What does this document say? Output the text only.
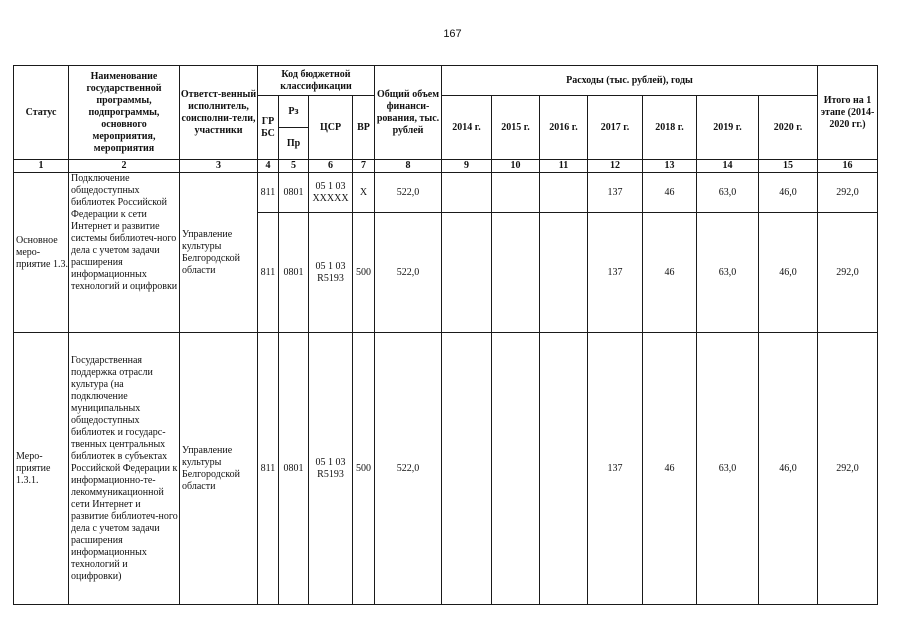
167
Статус	Наименование государственной программы, подпрограммы, основного мероприятия, мероприятия	Ответст-венный исполнитель, соисполни-тели, участники	Код бюджетной классификации				Общий объем финанси-рования, тыс. рублей	Расходы (тыс. рублей), годы							Итого на 1 этапе (2014-2020 гг.)
			ГР БС	Рз	ЦСР	ВР		2014 г.	2015 г.	2016 г.	2017 г.	2018 г.	2019 г.	2020 г.	
				Пр											
1	2	3	4	5	6	7	8	9	10	11	12	13	14	15	16
Основное меро-приятие 1.3.	Подключение общедоступных библиотек Российской Федерации к сети Интернет и развитие системы библиотеч-ного дела с учетом задачи расширения информационных технологий и оцифровки	Управление культуры Белгородской области	811	0801	05 1 03 XXXXX	X	522,0				137	46	63,0	46,0	292,0
			811	0801	05 1 03 R5193	500	522,0				137	46	63,0	46,0	292,0
Меро-приятие 1.3.1.	Государственная поддержка отрасли культура (на подключение муниципальных общедоступных библиотек и государс-твенных центральных библиотек в субъектах Российской Федерации к информационно-те-лекоммуникационной сети Интернет и развитие библиотеч-ного дела с учетом задачи расширения информационных технологий и оцифровки)	Управление культуры Белгородской области	811	0801	05 1 03 R5193	500	522,0				137	46	63,0	46,0	292,0
